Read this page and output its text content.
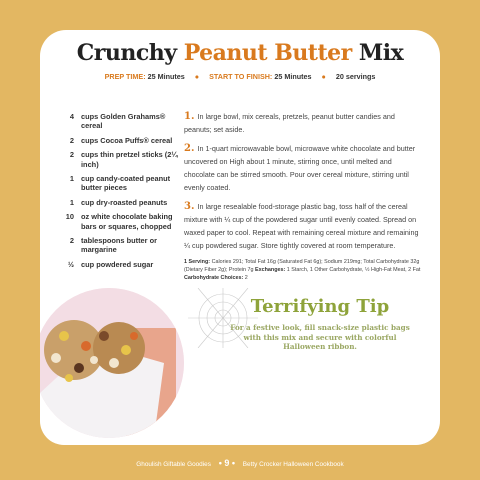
Crunchy Peanut Butter Mix
PREP TIME: 25 Minutes ● START TO FINISH: 25 Minutes ● 20 servings
4 cups Golden Grahams® cereal
2 cups Cocoa Puffs® cereal
2 cups thin pretzel sticks (2¼ inch)
1 cup candy-coated peanut butter pieces
1 cup dry-roasted peanuts
10 oz white chocolate baking bars or squares, chopped
2 tablespoons butter or margarine
½ cup powdered sugar
1. In large bowl, mix cereals, pretzels, peanut butter candies and peanuts; set aside.
2. In 1-quart microwavable bowl, microwave white chocolate and butter uncovered on High about 1 minute, stirring once, until melted and chocolate can be stirred smooth. Pour over cereal mixture, stirring until evenly coated.
3. In large resealable food-storage plastic bag, toss half of the cereal mixture with ¼ cup of the powdered sugar until evenly coated. Spread on waxed paper to cool. Repeat with remaining cereal mixture and remaining ¼ cup powdered sugar. Store tightly covered at room temperature.
1 Serving: Calories 291; Total Fat 16g (Saturated Fat 6g); Sodium 219mg; Total Carbohydrate 32g (Dietary Fiber 2g); Protein 7g Exchanges: 1 Starch, 1 Other Carbohydrate, ½ High-Fat Meat, 2 Fat Carbohydrate Choices: 2
Terrifying Tip
For a festive look, fill snack-size plastic bags with this mix and secure with colorful Halloween ribbon.
Ghoulish Giftable Goodies • 9 • Betty Crocker Halloween Cookbook
